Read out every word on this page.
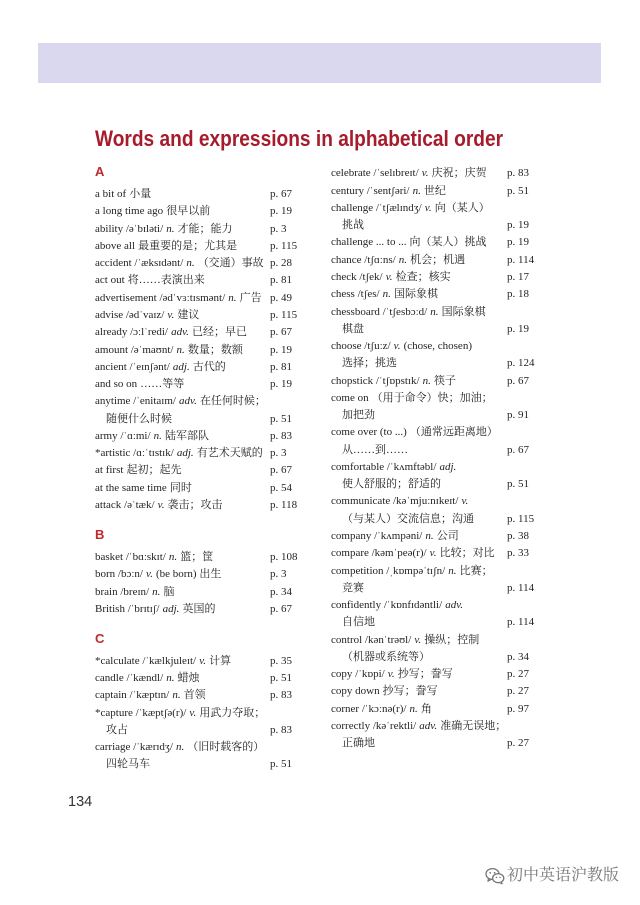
Words and expressions in alphabetical order
A
a bit of 小量	p. 67
a long time ago 很早以前	p. 19
ability /əˈbɪləti/ n. 才能；能力	p. 3
above all 最重要的是；尤其是	p. 115
accident /ˈæksɪdənt/ n. （交通）事故 p. 28
act out 将……表演出来	p. 81
advertisement /ədˈvɜːtɪsmənt/ n. 广告 p. 49
advise /ədˈvaɪz/ v. 建议	p. 115
already /ɔːlˈredi/ adv. 已经；早已	p. 67
amount /əˈmaʊnt/ n. 数量；数额	p. 19
ancient /ˈeɪnʃənt/ adj. 古代的	p. 81
and so on ……等等	p. 19
anytime /ˈenitaɪm/ adv. 在任何时候；
随便什么时候	p. 51
army /ˈɑːmi/ n. 陆军部队	p. 83
*artistic /ɑːˈtɪstɪk/ adj. 有艺术天赋的 p. 3
at first 起初；起先	p. 67
at the same time 同时	p. 54
attack /əˈtæk/ v. 袭击；攻击	p. 118
B
basket /ˈbɑːskɪt/ n. 篮；筐	p. 108
born /bɔːn/ v. (be born) 出生	p. 3
brain /breɪn/ n. 脑	p. 34
British /ˈbrɪtɪʃ/ adj. 英国的	p. 67
C
*calculate /ˈkælkjuleɪt/ v. 计算	p. 35
candle /ˈkændl/ n. 蜡烛	p. 51
captain /ˈkæptɪn/ n. 首领	p. 83
*capture /ˈkæptʃə(r)/ v. 用武力夺取；
攻占	p. 83
carriage /ˈkærɪdʒ/ n. （旧时载客的）
四轮马车	p. 51
celebrate /ˈselɪbreɪt/ v. 庆祝；庆贺	p. 83
century /ˈsentʃəri/ n. 世纪	p. 51
challenge /ˈtʃælɪndʒ/ v. 向（某人）
挑战	p. 19
challenge ... to ... 向（某人）挑战	p. 19
chance /tʃɑːns/ n. 机会；机遇	p. 114
check /tʃek/ v. 检查；核实	p. 17
chess /tʃes/ n. 国际象棋	p. 18
chessboard /ˈtʃesbɔːd/ n. 国际象棋
棋盘	p. 19
choose /tʃuːz/ v. (chose, chosen)
选择；挑选	p. 124
chopstick /ˈtʃɒpstɪk/ n. 筷子	p. 67
come on （用于命令）快；加油；
加把劲	p. 91
come over (to ...) （通常远距离地）
从……到……	p. 67
comfortable /ˈkʌmftəbl/ adj.
使人舒服的；舒适的	p. 51
communicate /kəˈmjuːnɪkeɪt/ v.
（与某人）交流信息；沟通	p. 115
company /ˈkʌmpəni/ n. 公司	p. 38
compare /kəmˈpeə(r)/ v. 比较；对比	p. 33
competition /ˌkɒmpəˈtɪʃn/ n. 比赛；
竞赛	p. 114
confidently /ˈkɒnfɪdəntli/ adv.
自信地	p. 114
control /kənˈtrəʊl/ v. 操纵；控制
（机器或系统等）	p. 34
copy /ˈkɒpi/ v. 抄写；誊写	p. 27
copy down 抄写；誊写	p. 27
corner /ˈkɔːnə(r)/ n. 角	p. 97
correctly /kəˈrektli/ adv. 准确无误地；
正确地	p. 27
134
初中英语沪教版
